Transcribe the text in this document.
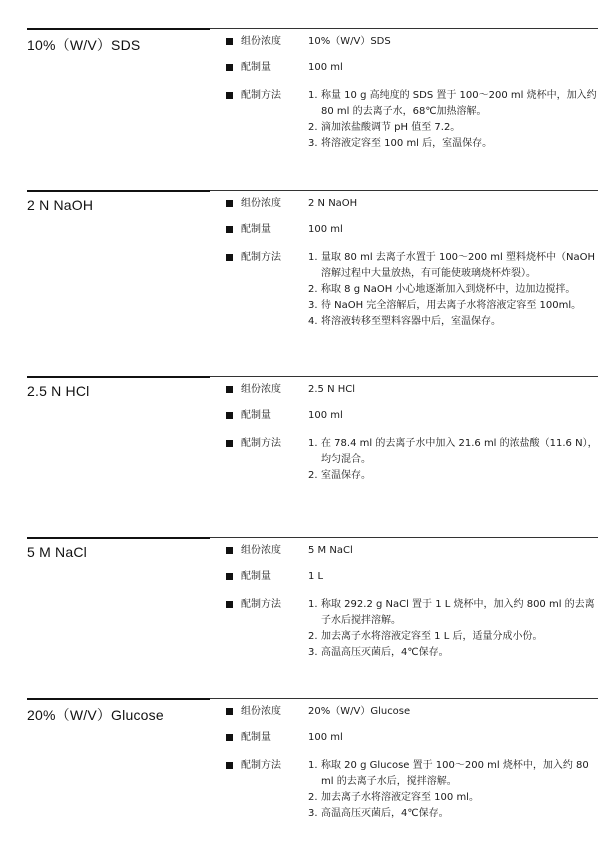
10%（W/V）SDS	组份浓度	10%（W/V）SDS
配制量	100 ml
配制方法	1. 称量 10 g 高纯度的 SDS 置于 100～200 ml 烧杯中，加入约 80 ml 的去离子水，68℃加热溶解。
2. 滴加浓盐酸调节 pH 值至 7.2。
3. 将溶液定容至 100 ml 后，室温保存。
2 N NaOH	组份浓度	2 N NaOH
配制量	100 ml
配制方法	1. 量取 80 ml 去离子水置于 100～200 ml 塑料烧杯中（NaOH 溶解过程中大量放热，有可能使玻璃烧杯炸裂）。
2. 称取 8 g NaOH 小心地逐渐加入到烧杯中，边加边搅拌。
3. 待 NaOH 完全溶解后，用去离子水将溶液定容至 100ml。
4. 将溶液转移至塑料容器中后，室温保存。
2.5 N HCl	组份浓度	2.5 N HCl
配制量	100 ml
配制方法	1. 在 78.4 ml 的去离子水中加入 21.6 ml 的浓盐酸（11.6 N），均匀混合。
2. 室温保存。
5 M NaCl	组份浓度	5 M NaCl
配制量	1 L
配制方法	1. 称取 292.2 g NaCl 置于 1 L 烧杯中，加入约 800 ml 的去离子水后搅拌溶解。
2. 加去离子水将溶液定容至 1 L 后，适量分成小份。
3. 高温高压灭菌后，4℃保存。
20%（W/V）Glucose	组份浓度	20%（W/V）Glucose
配制量	100 ml
配制方法	1. 称取 20 g Glucose 置于 100～200 ml 烧杯中，加入约 80 ml 的去离子水后，搅拌溶解。
2. 加去离子水将溶液定容至 100 ml。
3. 高温高压灭菌后，4℃保存。
